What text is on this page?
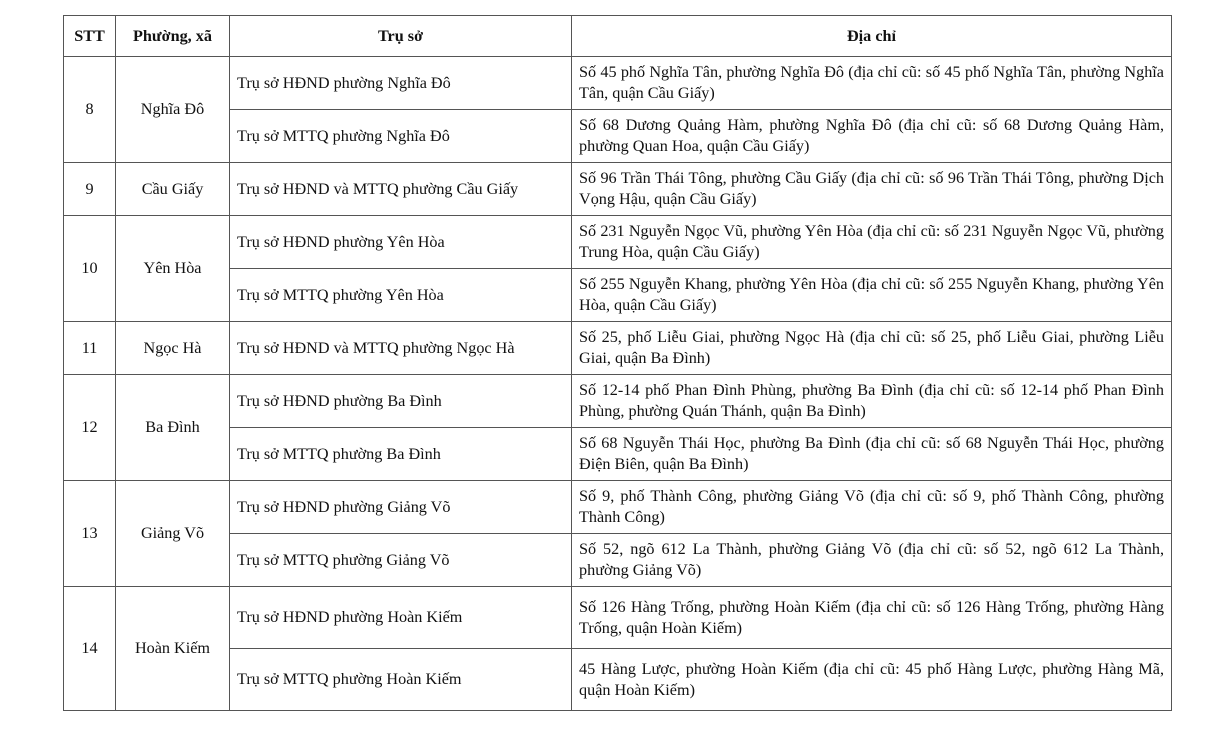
STT	Phường, xã	Trụ sở	Địa chỉ
8	Nghĩa Đô	Trụ sở HĐND phường Nghĩa Đô	Số 45 phố Nghĩa Tân, phường Nghĩa Đô (địa chỉ cũ: số 45 phố Nghĩa Tân, phường Nghĩa Tân, quận Cầu Giấy)
		Trụ sở MTTQ phường Nghĩa Đô	Số 68 Dương Quảng Hàm, phường Nghĩa Đô (địa chỉ cũ: số 68 Dương Quảng Hàm, phường Quan Hoa, quận Cầu Giấy)
9	Cầu Giấy	Trụ sở HĐND và MTTQ phường Cầu Giấy	Số 96 Trần Thái Tông, phường Cầu Giấy (địa chỉ cũ: số 96 Trần Thái Tông, phường Dịch Vọng Hậu, quận Cầu Giấy)
10	Yên Hòa	Trụ sở HĐND phường Yên Hòa	Số 231 Nguyễn Ngọc Vũ, phường Yên Hòa (địa chỉ cũ: số 231 Nguyễn Ngọc Vũ, phường Trung Hòa, quận Cầu Giấy)
		Trụ sở MTTQ phường Yên Hòa	Số 255 Nguyễn Khang, phường Yên Hòa (địa chỉ cũ: số 255 Nguyễn Khang, phường Yên Hòa, quận Cầu Giấy)
11	Ngọc Hà	Trụ sở HĐND và MTTQ phường Ngọc Hà	Số 25, phố Liễu Giai, phường Ngọc Hà (địa chỉ cũ: số 25, phố Liễu Giai, phường Liễu Giai, quận Ba Đình)
12	Ba Đình	Trụ sở HĐND phường Ba Đình	Số 12-14 phố Phan Đình Phùng, phường Ba Đình (địa chỉ cũ: số 12-14 phố Phan Đình Phùng, phường Quán Thánh, quận Ba Đình)
		Trụ sở MTTQ phường Ba Đình	Số 68 Nguyễn Thái Học, phường Ba Đình (địa chỉ cũ: số 68 Nguyễn Thái Học, phường Điện Biên, quận Ba Đình)
13	Giảng Võ	Trụ sở HĐND phường Giảng Võ	Số 9, phố Thành Công, phường Giảng Võ (địa chỉ cũ: số 9, phố Thành Công, phường Thành Công)
		Trụ sở MTTQ phường Giảng Võ	Số 52, ngõ 612 La Thành, phường Giảng Võ (địa chỉ cũ: số 52, ngõ 612 La Thành, phường Giảng Võ)
14	Hoàn Kiếm	Trụ sở HĐND phường Hoàn Kiếm	Số 126 Hàng Trống, phường Hoàn Kiếm (địa chỉ cũ: số 126 Hàng Trống, phường Hàng Trống, quận Hoàn Kiếm)
		Trụ sở MTTQ phường Hoàn Kiếm	45 Hàng Lược, phường Hoàn Kiếm (địa chỉ cũ: 45 phố Hàng Lược, phường Hàng Mã, quận Hoàn Kiếm)
